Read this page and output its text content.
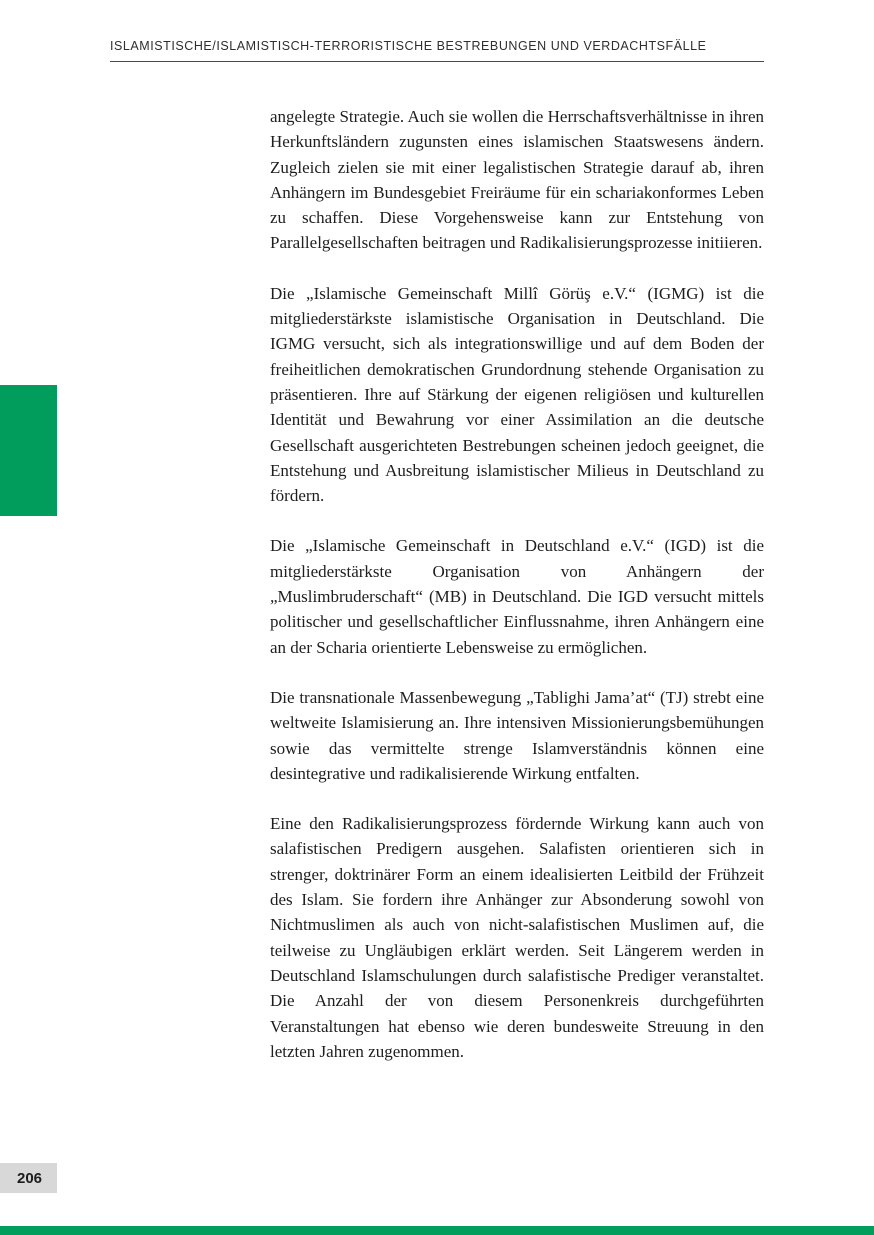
ISLAMISTISCHE/ISLAMISTISCH-TERRORISTISCHE BESTREBUNGEN UND VERDACHTSFÄLLE

angelegte Strategie. Auch sie wollen die Herrschaftsverhältnisse in ihren Herkunftsländern zugunsten eines islamischen Staatswesens ändern. Zugleich zielen sie mit einer legalistischen Strategie darauf ab, ihren Anhängern im Bundesgebiet Freiräume für ein schariakonformes Leben zu schaffen. Diese Vorgehensweise kann zur Entstehung von Parallelgesellschaften beitragen und Radikalisierungsprozesse initiieren.

Die „Islamische Gemeinschaft Millî Görüş e.V.“ (IGMG) ist die mitgliederstärkste islamistische Organisation in Deutschland. Die IGMG versucht, sich als integrationswillige und auf dem Boden der freiheitlichen demokratischen Grundordnung stehende Organisation zu präsentieren. Ihre auf Stärkung der eigenen religiösen und kulturellen Identität und Bewahrung vor einer Assimilation an die deutsche Gesellschaft ausgerichteten Bestrebungen scheinen jedoch geeignet, die Entstehung und Ausbreitung islamistischer Milieus in Deutschland zu fördern.

Die „Islamische Gemeinschaft in Deutschland e.V.“ (IGD) ist die mitgliederstärkste Organisation von Anhängern der „Muslimbruderschaft“ (MB) in Deutschland. Die IGD versucht mittels politischer und gesellschaftlicher Einflussnahme, ihren Anhängern eine an der Scharia orientierte Lebensweise zu ermöglichen.

Die transnationale Massenbewegung „Tablighi Jama’at“ (TJ) strebt eine weltweite Islamisierung an. Ihre intensiven Missionierungsbemühungen sowie das vermittelte strenge Islamverständnis können eine desintegrative und radikalisierende Wirkung entfalten.

Eine den Radikalisierungsprozess fördernde Wirkung kann auch von salafistischen Predigern ausgehen. Salafisten orientieren sich in strenger, doktrinärer Form an einem idealisierten Leitbild der Frühzeit des Islam. Sie fordern ihre Anhänger zur Absonderung sowohl von Nichtmuslimen als auch von nicht-salafistischen Muslimen auf, die teilweise zu Ungläubigen erklärt werden. Seit Längerem werden in Deutschland Islamschulungen durch salafistische Prediger veranstaltet. Die Anzahl der von diesem Personenkreis durchgeführten Veranstaltungen hat ebenso wie deren bundesweite Streuung in den letzten Jahren zugenommen.

206
